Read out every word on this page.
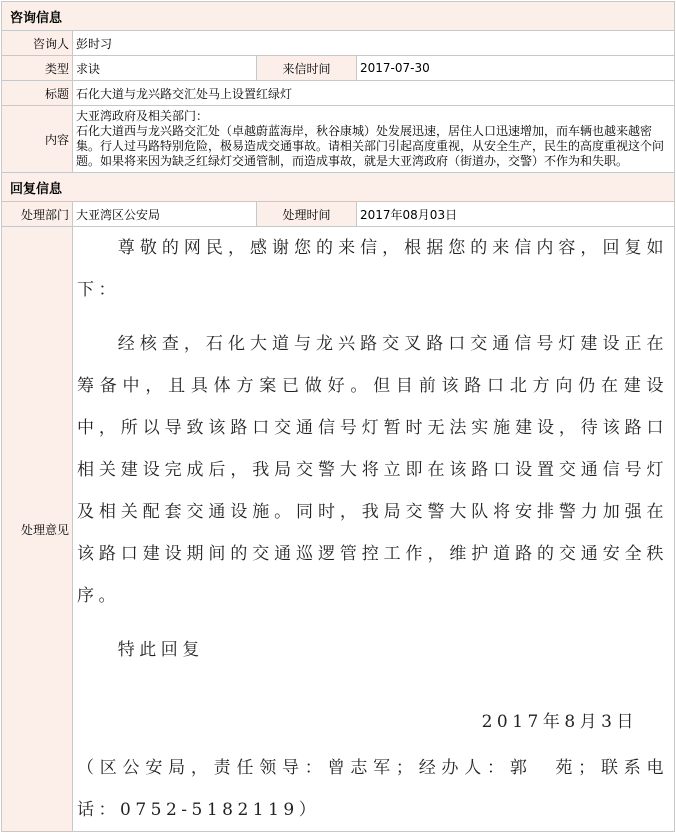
咨询信息			
咨询人	彭时习		
类型	求诀	来信时间	2017-07-30
标题	石化大道与龙兴路交汇处马上设置红绿灯		
内容	大亚湾政府及相关部门：
石化大道西与龙兴路交汇处（卓越蔚蓝海岸，秋谷康城）处发展迅速，居住人口迅速增加，而车辆也越来越密集。行人过马路特别危险，极易造成交通事故。请相关部门引起高度重视，从安全生产，民生的高度重视这个问题。如果将来因为缺乏红绿灯交通管制，而造成事故，就是大亚湾政府（街道办，交警）不作为和失职。		

回复信息			
处理部门	大亚湾区公安局	处理时间	2017年08月03日
处理意见	尊敬的网民，感谢您的来信，根据您的来信内容，回复如下：

经核查，石化大道与龙兴路交叉路口交通信号灯建设正在筹备中，且具体方案已做好。但目前该路口北方向仍在建设中，所以导致该路口交通信号灯暂时无法实施建设，待该路口相关建设完成后，我局交警大将立即在该路口设置交通信号灯及相关配套交通设施。同时，我局交警大队将安排警力加强在该路口建设期间的交通巡逻管控工作，维护道路的交通安全秩序。

特此回复

2017年8月3日

（区公安局，责任领导：曾志军；经办人：郭　苑；联系电话：0752-5182119）		
